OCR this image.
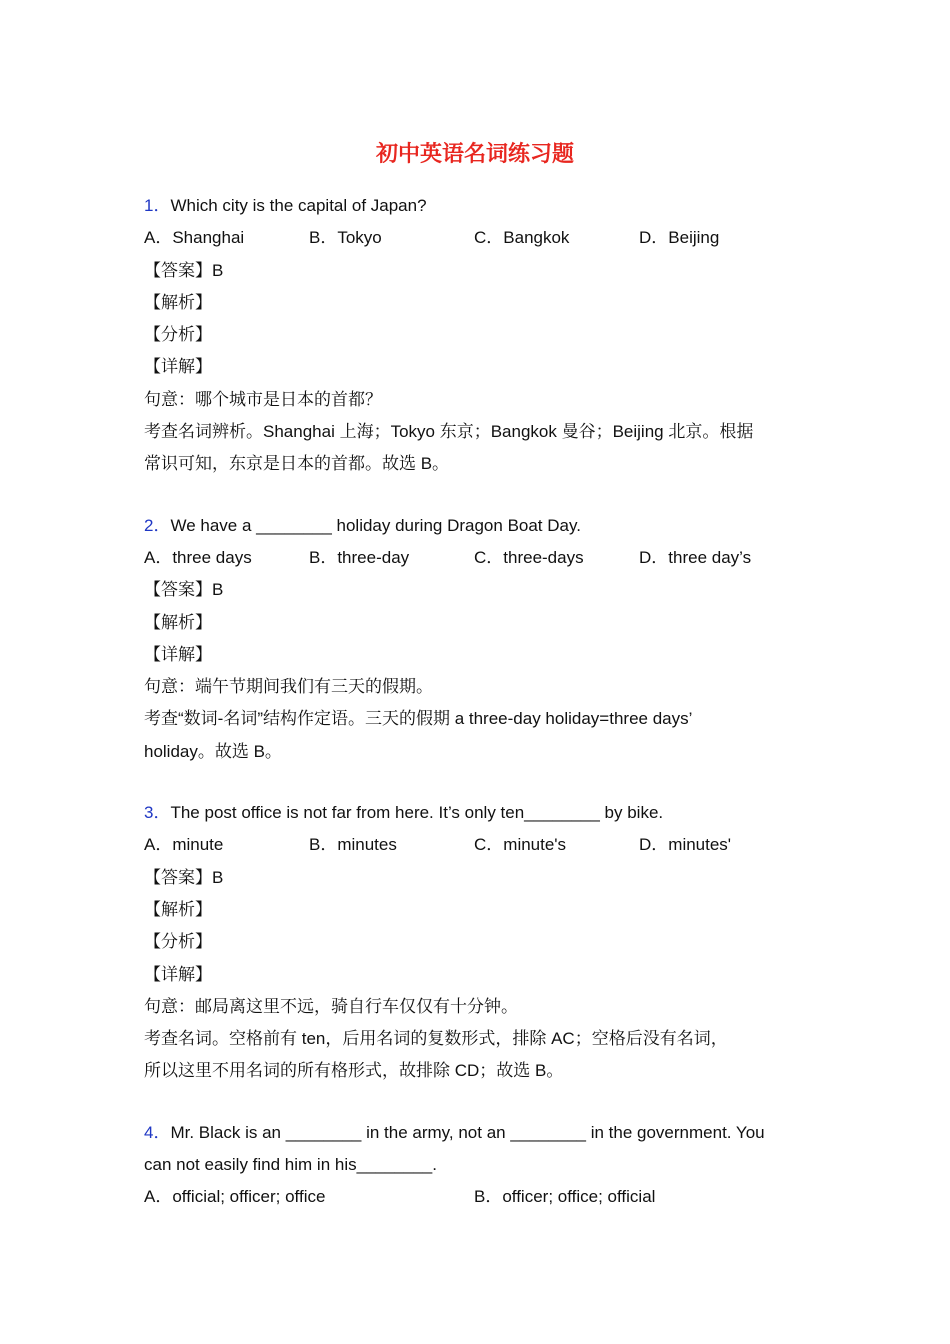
初中英语名词练习题
1．Which city is the capital of Japan?
A．Shanghai	B．Tokyo	C．Bangkok	D．Beijing
【答案】B
【解析】
【分析】
【详解】
句意：哪个城市是日本的首都？
考查名词辨析。Shanghai 上海；Tokyo 东京；Bangkok 曼谷；Beijing 北京。根据
常识可知，东京是日本的首都。故选 B。
2．We have a ________ holiday during Dragon Boat Day.
A．three days	B．three-day	C．three-days	D．three day’s
【答案】B
【解析】
【详解】
句意：端午节期间我们有三天的假期。
考查“数词-名词”结构作定语。三天的假期 a three-day holiday=three days’
holiday。故选 B。
3．The post office is not far from here. It’s only ten________ by bike.
A．minute	B．minutes	C．minute's	D．minutes'
【答案】B
【解析】
【分析】
【详解】
句意：邮局离这里不远，骑自行车仅仅有十分钟。
考查名词。空格前有 ten，后用名词的复数形式，排除 AC；空格后没有名词，
所以这里不用名词的所有格形式，故排除 CD；故选 B。
4．Mr. Black is an ________ in the army, not an ________ in the government. You
can not easily find him in his________.
A．official; officer; office	B．officer; office; official
